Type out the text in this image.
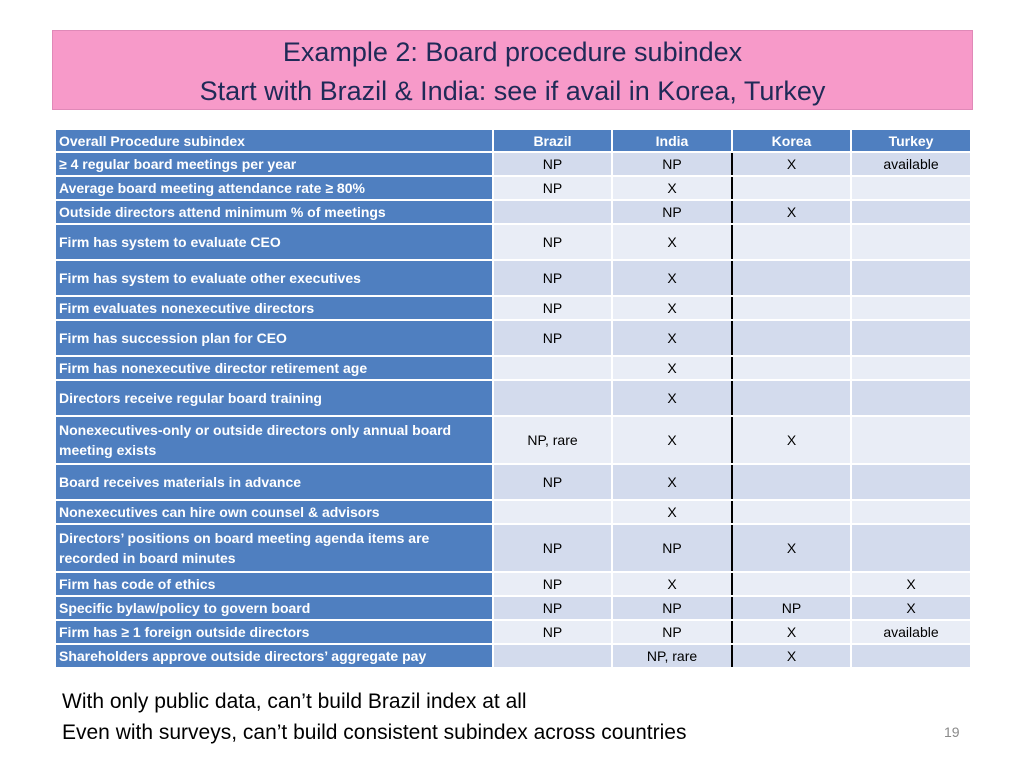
Example 2: Board procedure subindex
Start with Brazil & India: see if avail in Korea, Turkey
Overall Procedure subindex	Brazil	India	Korea	Turkey
≥ 4 regular board meetings per year	NP	NP	X	available
Average board meeting attendance rate ≥ 80%	NP	X		
Outside directors attend minimum % of meetings		NP	X	
Firm has system to evaluate CEO	NP	X		
Firm has system to evaluate other executives	NP	X		
Firm evaluates nonexecutive directors	NP	X		
Firm has succession plan for CEO	NP	X		
Firm has nonexecutive director retirement age		X		
Directors receive regular board training		X		
Nonexecutives-only or outside directors only annual board meeting exists	NP, rare	X	X	
Board receives materials in advance	NP	X		
Nonexecutives can hire own counsel & advisors		X		
Directors’ positions on board meeting agenda items are recorded in board minutes	NP	NP	X	
Firm has code of ethics	NP	X		X
Specific bylaw/policy to govern board	NP	NP	NP	X
Firm has ≥ 1 foreign outside directors	NP	NP	X	available
Shareholders approve outside directors’ aggregate pay		NP, rare	X	
With only public data, can’t build Brazil index at all
Even with surveys, can’t build consistent subindex across countries	19
